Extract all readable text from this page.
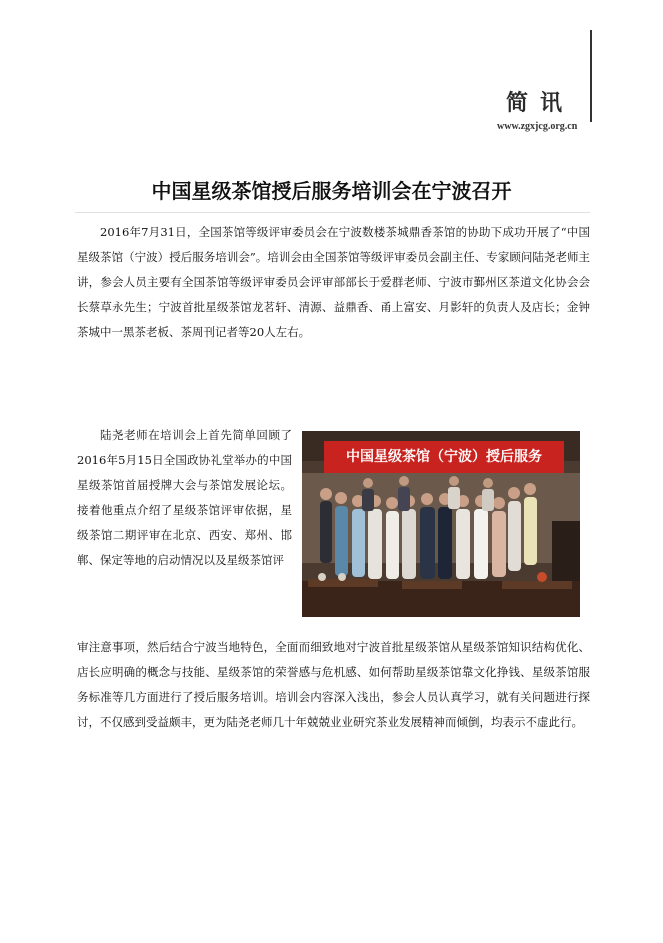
简讯
www.zgxjcg.org.cn
中国星级茶馆授后服务培训会在宁波召开

2016年7月31日，全国茶馆等级评审委员会在宁波数楼茶城鼎香茶馆的协助下成功开展了“中国星级茶馆（宁波）授后服务培训会”。培训会由全国茶馆等级评审委员会副主任、专家顾问陆尧老师主讲，参会人员主要有全国茶馆等级评审委员会评审部部长于爱群老师、宁波市鄞州区茶道文化协会会长蔡草永先生；宁波首批星级茶馆龙茗轩、清源、益鼎香、甬上富安、月影轩的负责人及店长；金钟茶城中一黑茶老板、茶周刊记者等20人左右。

陆尧老师在培训会上首先简单回顾了2016年5月15日全国政协礼堂举办的中国星级茶馆首届授牌大会与茶馆发展论坛。接着他重点介绍了星级茶馆评审依据，星级茶馆二期评审在北京、西安、郑州、邯郸、保定等地的启动情况以及星级茶馆评

中国星级茶馆（宁波）授后服务

审注意事项，然后结合宁波当地特色，全面而细致地对宁波首批星级茶馆从星级茶馆知识结构优化、店长应明确的概念与技能、星级茶馆的荣誉感与危机感、如何帮助星级茶馆靠文化挣钱、星级茶馆服务标准等几方面进行了授后服务培训。培训会内容深入浅出，参会人员认真学习，就有关问题进行探讨，不仅感到受益颇丰，更为陆尧老师几十年兢兢业业研究茶业发展精神而倾倒，均表示不虚此行。
